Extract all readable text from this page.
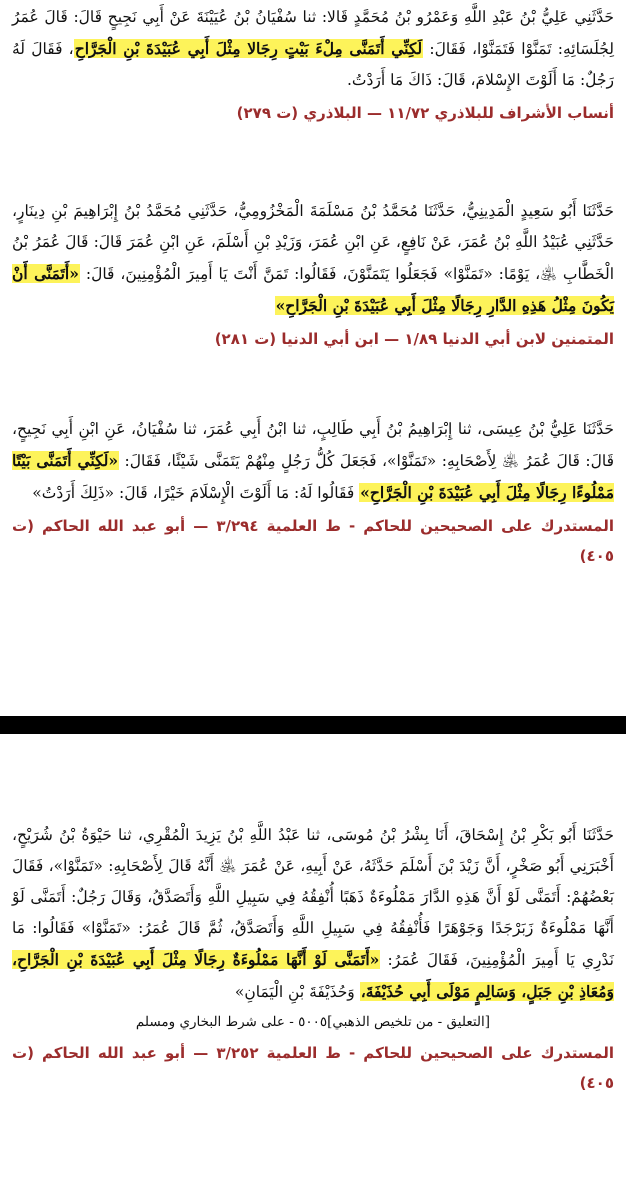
حَدَّثَنِي عَلِيُّ بْنُ عَبْدِ اللَّهِ وَعَمْرُو بْنُ مُحَمَّدٍ قَالا: ثنا سُفْيَانُ بْنُ عُيَيْنَةَ عَنْ أَبِي نَجِيحٍ قَالَ: قَالَ عُمَرُ لِجُلَسَائِهِ: تَمَنَّوْا فَتَمَنَّوْا، فَقَالَ: لَكِنِّي أَتَمَنَّى مِلْءَ بَيْتٍ رِجَالا مِثْلَ أَبِي عُبَيْدَةَ بْنِ الْجَرَّاحِ، فَقَالَ لَهُ رَجُلٌ: مَا أَلَوْتَ الإِسْلامَ، قَالَ: ذَاكَ مَا أَرَدْتُ.

أنساب الأشراف للبلاذري ١١/٧٢ — البلاذري (ت ٢٧٩)

حَدَّثَنَا أَبُو سَعِيدٍ الْمَدِينِيُّ، حَدَّثَنَا مُحَمَّدُ بْنُ مَسْلَمَةَ الْمَخْزُومِيُّ، حَدَّثَنِي مُحَمَّدُ بْنُ إِبْرَاهِيمَ بْنِ دِينَارٍ، حَدَّثَنِي عُبَيْدُ اللَّهِ بْنُ عُمَرَ، عَنْ نَافِعٍ، عَنِ ابْنِ عُمَرَ، وَزَيْدِ بْنِ أَسْلَمَ، عَنِ ابْنِ عُمَرَ قَالَ: قَالَ عُمَرُ بْنُ الْخَطَّابِ ﵁، يَوْمًا: «تَمَنَّوْا» فَجَعَلُوا يَتَمَنَّوْنَ، فَقَالُوا: تَمَنَّ أَنْتَ يَا أَمِيرَ الْمُؤْمِنِينَ، قَالَ: «أَتَمَنَّى أَنْ يَكُونَ مِثْلُ هَذِهِ الدَّارِ رِجَالًا مِثْلَ أَبِي عُبَيْدَةَ بْنِ الْجَرَّاحِ»

المتمنين لابن أبي الدنيا ١/٨٩ — ابن أبي الدنيا (ت ٢٨١)

حَدَّثَنَا عَلِيُّ بْنُ عِيسَى، ثنا إِبْرَاهِيمُ بْنُ أَبِي طَالِبٍ، ثنا ابْنُ أَبِي عُمَرَ، ثنا سُفْيَانُ، عَنِ ابْنِ أَبِي نَجِيحٍ، قَالَ: قَالَ عُمَرُ ﵁ لِأَصْحَابِهِ: «تَمَنَّوْا»، فَجَعَلَ كُلُّ رَجُلٍ مِنْهُمْ يَتَمَنَّى شَيْئًا، فَقَالَ: «لَكِنِّي أَتَمَنَّى بَيْتًا مَمْلُوءًا رِجَالًا مِثْلَ أَبِي عُبَيْدَةَ بْنِ الْجَرَّاحِ» فَقَالُوا لَهُ: مَا أَلَوْتَ الْإِسْلَامَ خَيْرًا، قَالَ: «ذَلِكَ أَرَدْتُ»

المستدرك على الصحيحين للحاكم - ط العلمية ٣/٢٩٤ — أبو عبد الله الحاكم (ت ٤٠٥)

حَدَّثَنَا أَبُو بَكْرِ بْنُ إِسْحَاقَ، أَنَا بِشْرُ بْنُ مُوسَى، ثنا عَبْدُ اللَّهِ بْنُ يَزِيدَ الْمُقْرِي، ثنا حَيْوَةُ بْنُ شُرَيْحٍ، أَخْبَرَنِي أَبُو صَخْرٍ، أَنَّ زَيْدَ بْنَ أَسْلَمَ حَدَّثَهُ، عَنْ أَبِيهِ، عَنْ عُمَرَ ﵁ أَنَّهُ قَالَ لِأَصْحَابِهِ: «تَمَنَّوْا»، فَقَالَ بَعْضُهُمْ: أَتَمَنَّى لَوْ أَنَّ هَذِهِ الدَّارَ مَمْلُوءَةٌ ذَهَبًا أُنْفِقُهُ فِي سَبِيلِ اللَّهِ وَأَتَصَدَّقُ، وَقَالَ رَجُلٌ: أَتَمَنَّى لَوْ أَنَّهَا مَمْلُوءَةٌ زَبَرْجَدًا وَجَوْهَرًا فَأُنْفِقُهُ فِي سَبِيلِ اللَّهِ وَأَتَصَدَّقُ، ثُمَّ قَالَ عُمَرُ: «تَمَنَّوْا» فَقَالُوا: مَا نَدْرِي يَا أَمِيرَ الْمُؤْمِنِينَ، فَقَالَ عُمَرُ: «أَتَمَنَّى لَوْ أَنَّهَا مَمْلُوءَةٌ رِجَالًا مِثْلَ أَبِي عُبَيْدَةَ بْنِ الْجَرَّاحِ، وَمُعَاذِ بْنِ جَبَلٍ، وَسَالِمٍ مَوْلَى أَبِي حُذَيْفَةَ، وَحُذَيْفَةَ بْنِ الْيَمَانِ»

[التعليق - من تلخيص الذهبي]٥٠٠٥ - على شرط البخاري ومسلم

المستدرك على الصحيحين للحاكم - ط العلمية ٣/٢٥٢ — أبو عبد الله الحاكم (ت ٤٠٥)
